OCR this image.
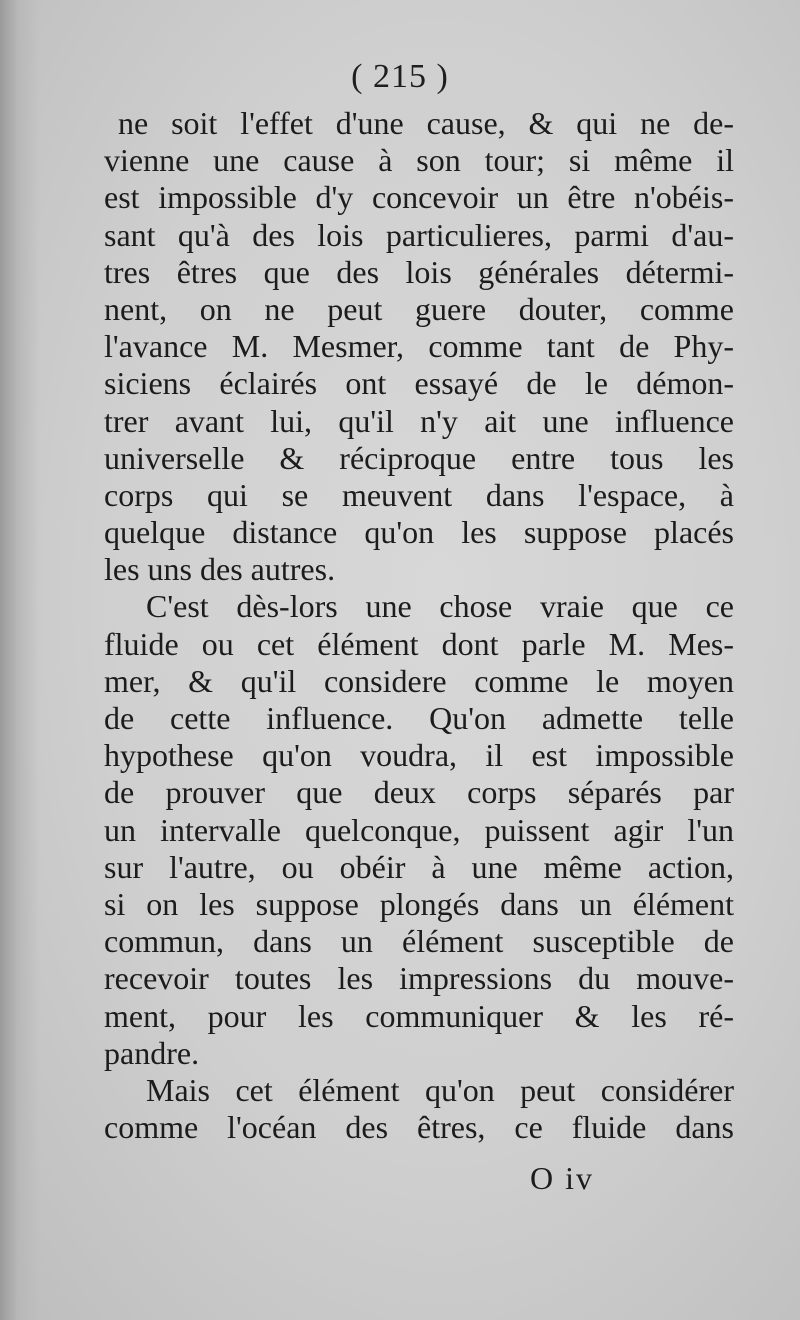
( 215 )
ne soit l'effet d'une cause, & qui ne de-
vienne une cause à son tour; si même il
est impossible d'y concevoir un être n'obéis-
sant qu'à des lois particulieres, parmi d'au-
tres êtres que des lois générales détermi-
nent, on ne peut guere douter, comme
l'avance M. Mesmer, comme tant de Phy-
siciens éclairés ont essayé de le démon-
trer avant lui, qu'il n'y ait une influence
universelle & réciproque entre tous les
corps qui se meuvent dans l'espace, à
quelque distance qu'on les suppose placés
les uns des autres.
C'est dès-lors une chose vraie que ce
fluide ou cet élément dont parle M. Mes-
mer, & qu'il considere comme le moyen
de cette influence. Qu'on admette telle
hypothese qu'on voudra, il est impossible
de prouver que deux corps séparés par
un intervalle quelconque, puissent agir l'un
sur l'autre, ou obéir à une même action,
si on les suppose plongés dans un élément
commun, dans un élément susceptible de
recevoir toutes les impressions du mouve-
ment, pour les communiquer & les ré-
pandre.
Mais cet élément qu'on peut considérer
comme l'océan des êtres, ce fluide dans
O iv
